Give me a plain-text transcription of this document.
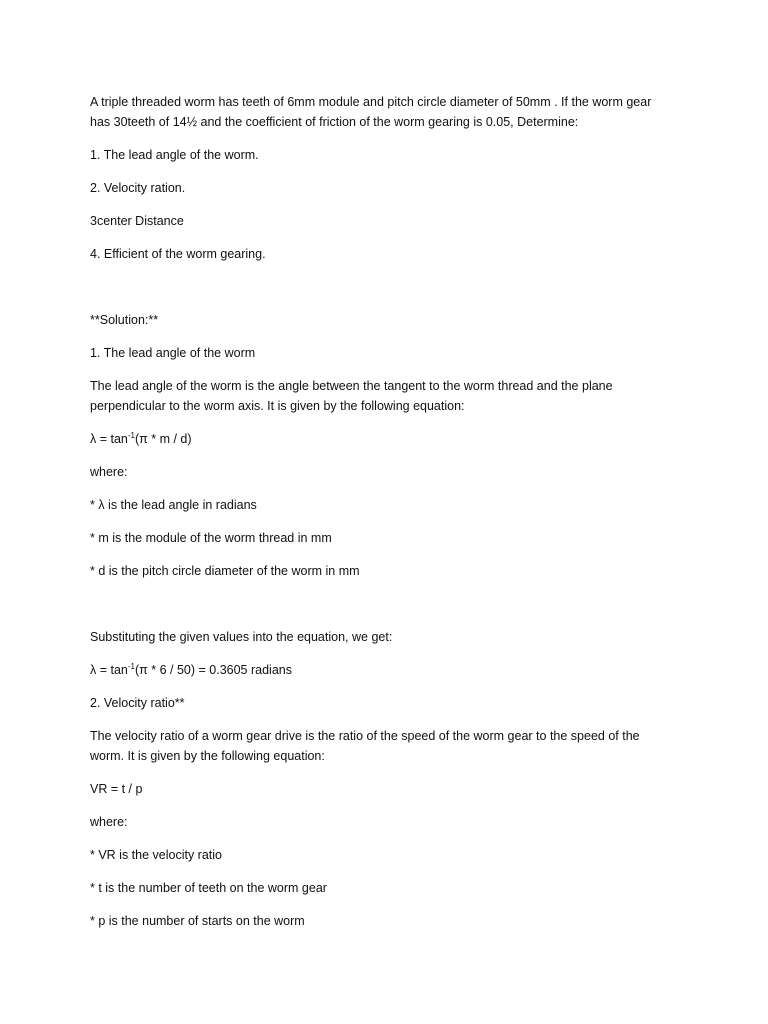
A triple threaded worm has teeth of 6mm module and pitch circle diameter of 50mm . If the worm gear has 30teeth of 14½ and the coefficient of friction of the worm gearing is 0.05, Determine:

1. The lead angle of the worm.

2. Velocity ration.

3center Distance

4. Efficient of the worm gearing.

**Solution:**

1. The lead angle of the worm

The lead angle of the worm is the angle between the tangent to the worm thread and the plane perpendicular to the worm axis. It is given by the following equation:

$\lambda = \tan^{-1}(\pi * m / d)$

where:

* λ is the lead angle in radians

* m is the module of the worm thread in mm

* d is the pitch circle diameter of the worm in mm

Substituting the given values into the equation, we get:

$\lambda = \tan^{-1}(\pi * 6 / 50) = 0.3605$ radians

2. Velocity ratio**

The velocity ratio of a worm gear drive is the ratio of the speed of the worm gear to the speed of the worm. It is given by the following equation:

VR = t / p

where:

* VR is the velocity ratio

* t is the number of teeth on the worm gear

* p is the number of starts on the worm
